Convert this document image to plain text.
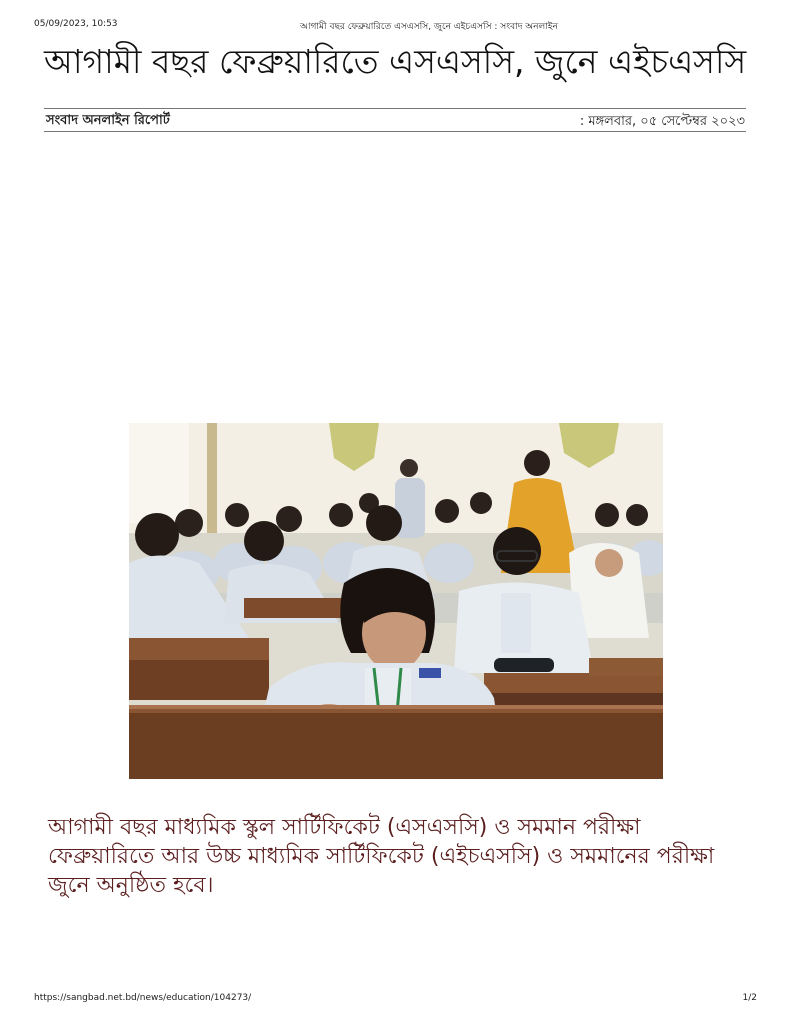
05/09/2023, 10:53	আগামী বছর ফেব্রুয়ারিতে এসএসসি, জুনে এইচএসসি : সংবাদ অনলাইন
আগামী বছর ফেব্রুয়ারিতে এসএসসি, জুনে এইচএসসি
সংবাদ অনলাইন রিপোর্ট	: মঙ্গলবার, ০৫ সেপ্টেম্বর ২০২৩

আগামী বছর মাধ্যমিক স্কুল সার্টিফিকেট (এসএসসি) ও সমমান পরীক্ষা ফেব্রুয়ারিতে আর উচ্চ মাধ্যমিক সার্টিফিকেট (এইচএসসি) ও সমমানের পরীক্ষা জুনে অনুষ্ঠিত হবে।

https://sangbad.net.bd/news/education/104273/	1/2
